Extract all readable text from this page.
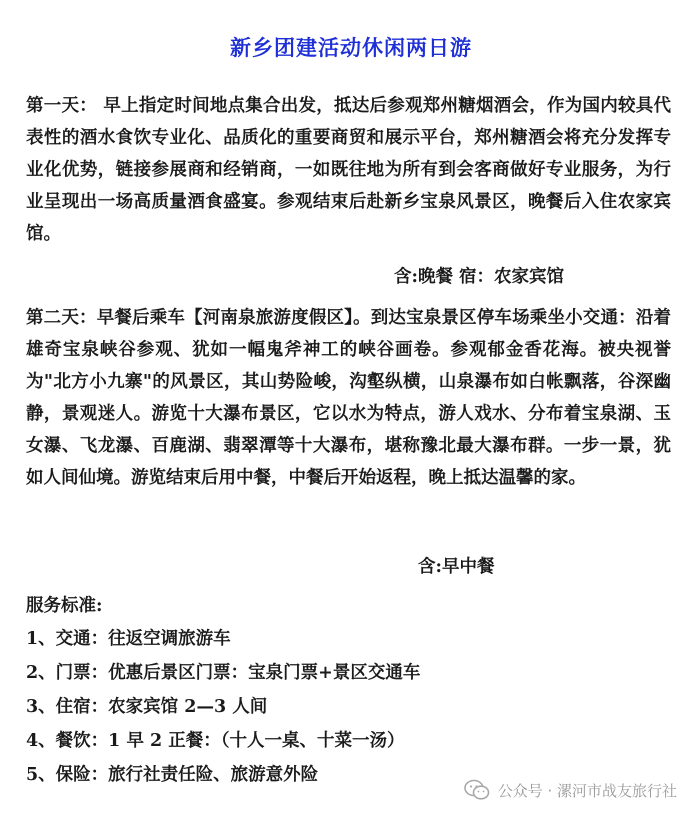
新乡团建活动休闲两日游
第一天： 早上指定时间地点集合出发，抵达后参观郑州糖烟酒会，作为国内较具代表性的酒水食饮专业化、品质化的重要商贸和展示平台，郑州糖酒会将充分发挥专业化优势，链接参展商和经销商，一如既往地为所有到会客商做好专业服务，为行业呈现出一场高质量酒食盛宴。参观结束后赴新乡宝泉风景区，晚餐后入住农家宾馆。
含:晚餐 宿：农家宾馆
第二天：早餐后乘车【河南泉旅游度假区】。到达宝泉景区停车场乘坐小交通：沿着雄奇宝泉峡谷参观、犹如一幅鬼斧神工的峡谷画卷。参观郁金香花海。被央视誉为"北方小九寨"的风景区，其山势险峻，沟壑纵横，山泉瀑布如白帐飘落，谷深幽静，景观迷人。游览十大瀑布景区，它以水为特点，游人戏水、分布着宝泉湖、玉女瀑、飞龙瀑、百鹿湖、翡翠潭等十大瀑布，堪称豫北最大瀑布群。一步一景，犹如人间仙境。游览结束后用中餐，中餐后开始返程，晚上抵达温馨的家。
含:早中餐
服务标准:
1、交通：往返空调旅游车
2、门票：优惠后景区门票：宝泉门票+景区交通车
3、住宿：农家宾馆 2—3 人间
4、餐饮：1 早 2 正餐：（十人一桌、十菜一汤）
5、保险：旅行社责任险、旅游意外险
公众号 · 漯河市战友旅行社
